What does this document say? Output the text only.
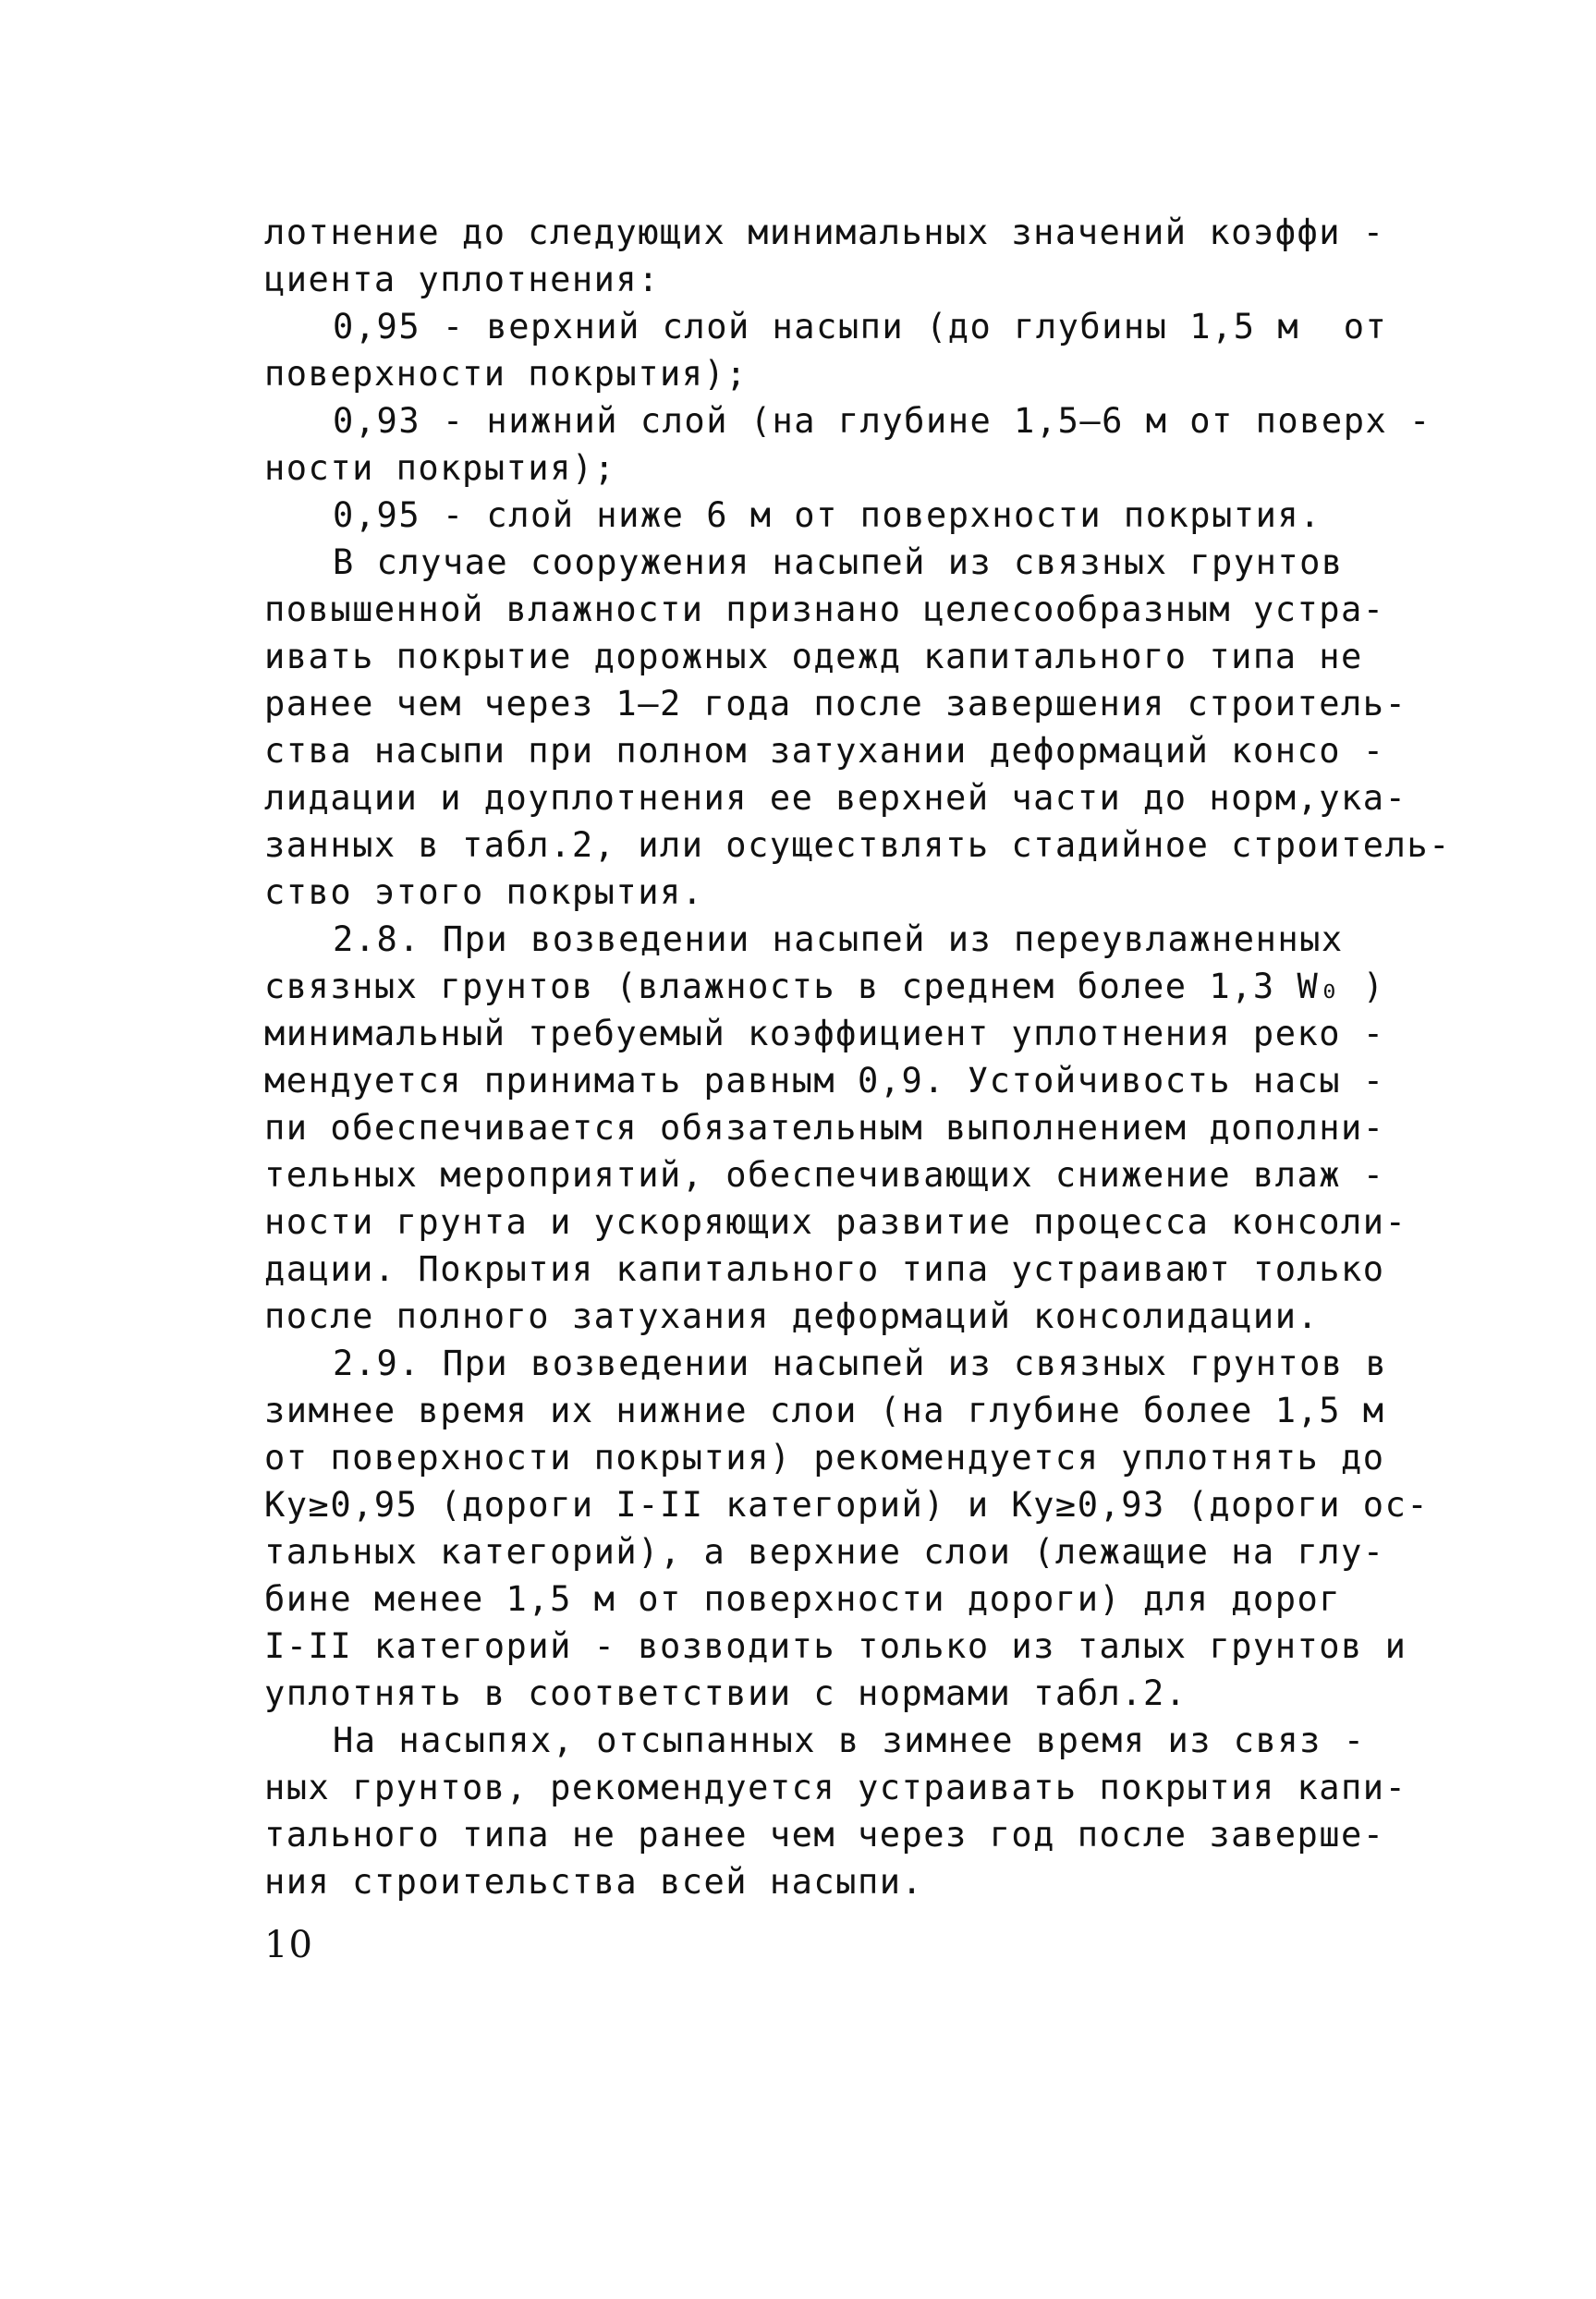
лотнение до следующих минимальных значений коэффи -
циента уплотнения:
0,95 - верхний слой насыпи (до глубины 1,5 м  от
поверхности покрытия);
0,93 - нижний слой (на глубине 1,5–6 м от поверх -
ности покрытия);
0,95 - слой ниже 6 м от поверхности покрытия.
В случае сооружения насыпей из связных грунтов
повышенной влажности признано целесообразным устра-
ивать покрытие дорожных одежд капитального типа не
ранее чем через 1–2 года после завершения строитель-
ства насыпи при полном затухании деформаций консо -
лидации и доуплотнения ее верхней части до норм,ука-
занных в табл.2, или осуществлять стадийное строитель-
ство этого покрытия.
2.8. При возведении насыпей из переувлажненных
связных грунтов (влажность в среднем более 1,3 W₀ )
минимальный требуемый коэффициент уплотнения реко -
мендуется принимать равным 0,9. Устойчивость насы -
пи обеспечивается обязательным выполнением дополни-
тельных мероприятий, обеспечивающих снижение влаж -
ности грунта и ускоряющих развитие процесса консоли-
дации. Покрытия капитального типа устраивают только
после полного затухания деформаций консолидации.
2.9. При возведении насыпей из связных грунтов в
зимнее время их нижние слои (на глубине более 1,5 м
от поверхности покрытия) рекомендуется уплотнять до
Kу≥0,95 (дороги I-II категорий) и Kу≥0,93 (дороги ос-
тальных категорий), а верхние слои (лежащие на глу-
бине менее 1,5 м от поверхности дороги) для дорог
I-II категорий - возводить только из талых грунтов и
уплотнять в соответствии с нормами табл.2.
На насыпях, отсыпанных в зимнее время из связ -
ных грунтов, рекомендуется устраивать покрытия капи-
тального типа не ранее чем через год после заверше-
ния строительства всей насыпи.
10
